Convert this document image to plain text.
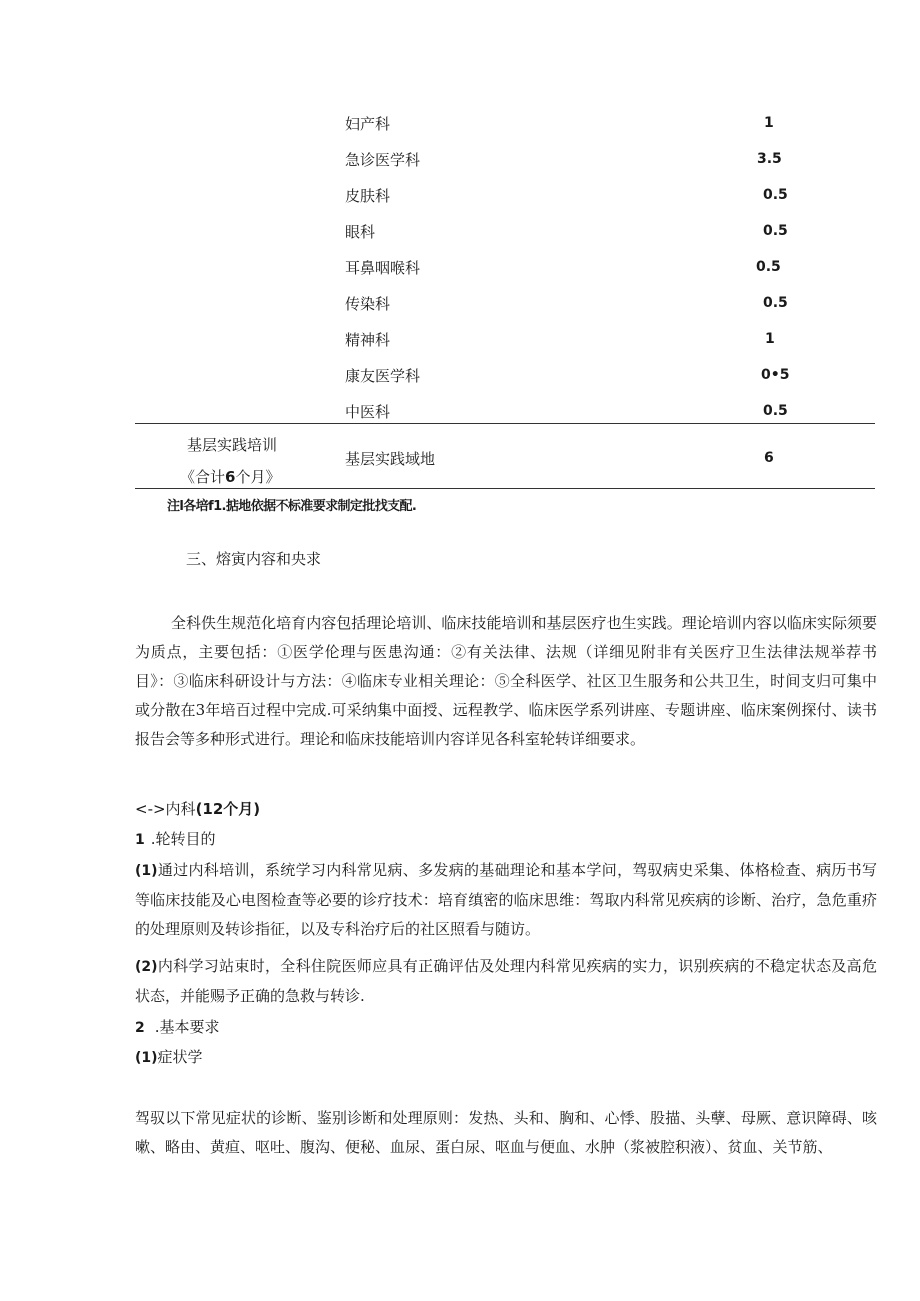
妇产科	1
急诊医学科	3.5
皮肤科	0.5
眼科	0.5
耳鼻咽喉科	0.5
传染科	0.5
精神科	1
康友医学科	0•5
中医科	0.5
基层实践培训
《合计6个月》
基层实践域地	6
注l各培f1.掂地依据不标准要求制定批找支配.
三、熔寅内容和央求
全科佚生规范化培育内容包括理论培训、临床技能培训和基层医疗也生实践。理论培训内容以临床实际须要为质点，主要包括：①医学伦理与医患沟通：②有关法律、法规（详细见附非有关医疗卫生法律法规举荐书目》：③临床科研设计与方法：④临床专业相关理论：⑤全科医学、社区卫生服务和公共卫生，时间支归可集中或分散在3年培百过程中完成.可采纳集中面授、远程教学、临床医学系列讲座、专题讲座、临床案例探付、读书报告会等多种形式进行。理论和临床技能培训内容详见各科室轮转详细要求。
<->内科(12个月)
1 .轮转目的
(1)通过内科培训，系统学习内科常见病、多发病的基础理论和基本学问，驾驭病史采集、体格检查、病历书写等临床技能及心电图检查等必要的诊疗技术：培育缜密的临床思维：驾取内科常见疾病的诊断、治疗，急危重疥的处理原则及转诊指征，以及专科治疗后的社区照看与随访。
(2)内科学习站束时，全科住院医师应具有正确评估及处理内科常见疾病的实力，识别疾病的不稳定状态及高危状态，并能赐予正确的急救与转诊.
2 .基本要求
(1)症状学
驾驭以下常见症状的诊断、鉴别诊断和处理原则：发热、头和、胸和、心悸、股描、头孽、母厥、意识障碍、咳嗽、略由、黄疸、呕吐、腹沟、便秘、血尿、蛋白尿、呕血与便血、水肿（浆被腔积液）、贫血、关节筋、
